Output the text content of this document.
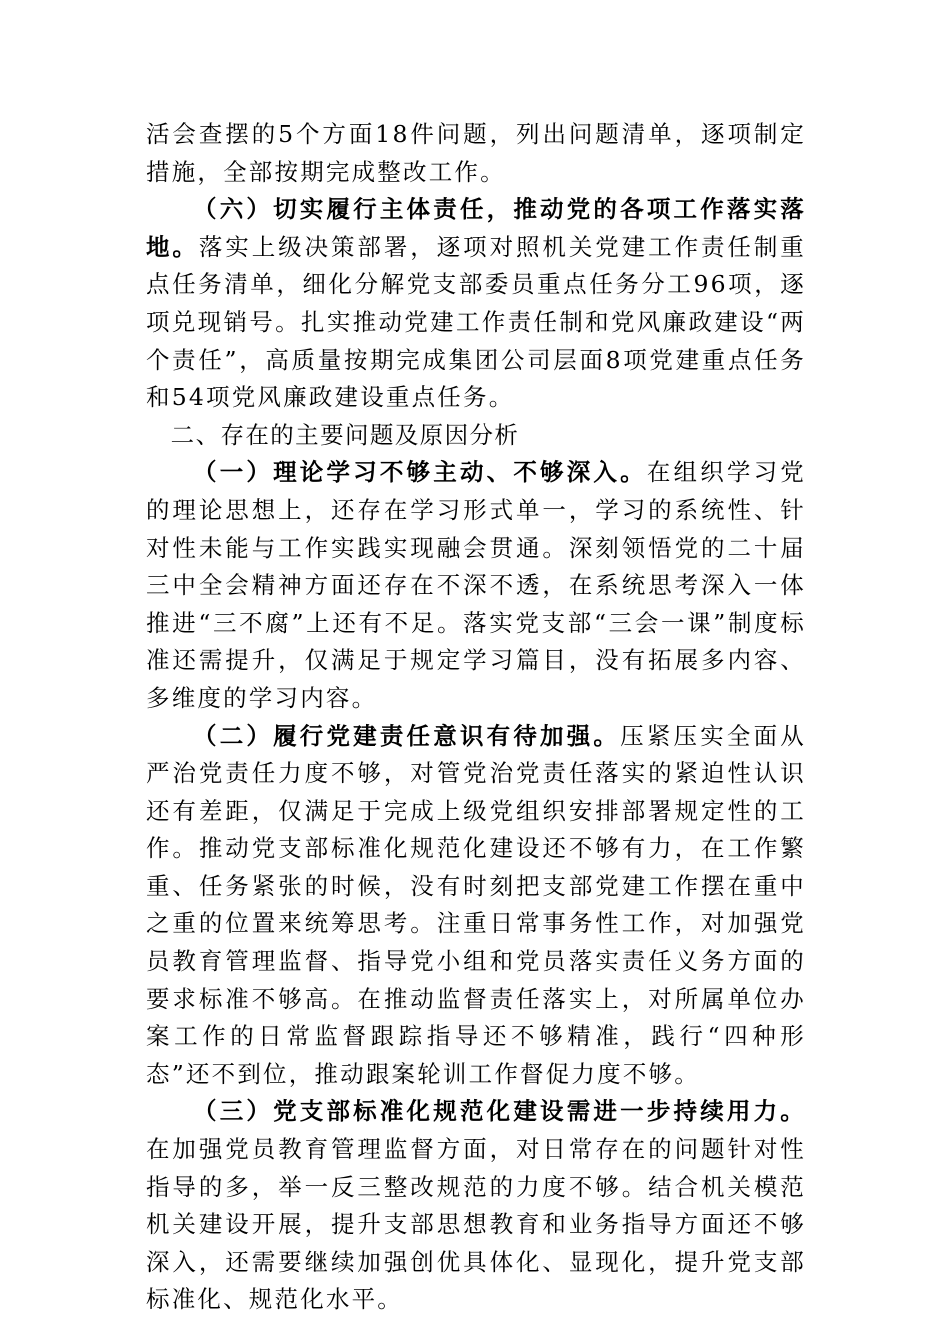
活会查摆的5个方面18件问题，列出问题清单，逐项制定措施，全部按期完成整改工作。

（六）切实履行主体责任，推动党的各项工作落实落地。落实上级决策部署，逐项对照机关党建工作责任制重点任务清单，细化分解党支部委员重点任务分工96项，逐项兑现销号。扎实推动党建工作责任制和党风廉政建设“两个责任”，高质量按期完成集团公司层面8项党建重点任务和54项党风廉政建设重点任务。

二、存在的主要问题及原因分析

（一）理论学习不够主动、不够深入。在组织学习党的理论思想上，还存在学习形式单一，学习的系统性、针对性未能与工作实践实现融会贯通。深刻领悟党的二十届三中全会精神方面还存在不深不透，在系统思考深入一体推进“三不腐”上还有不足。落实党支部“三会一课”制度标准还需提升，仅满足于规定学习篇目，没有拓展多内容、多维度的学习内容。

（二）履行党建责任意识有待加强。压紧压实全面从严治党责任力度不够，对管党治党责任落实的紧迫性认识还有差距，仅满足于完成上级党组织安排部署规定性的工作。推动党支部标准化规范化建设还不够有力，在工作繁重、任务紧张的时候，没有时刻把支部党建工作摆在重中之重的位置来统筹思考。注重日常事务性工作，对加强党员教育管理监督、指导党小组和党员落实责任义务方面的要求标准不够高。在推动监督责任落实上，对所属单位办案工作的日常监督跟踪指导还不够精准，践行“四种形态”还不到位，推动跟案轮训工作督促力度不够。

（三）党支部标准化规范化建设需进一步持续用力。在加强党员教育管理监督方面，对日常存在的问题针对性指导的多，举一反三整改规范的力度不够。结合机关模范机关建设开展，提升支部思想教育和业务指导方面还不够深入，还需要继续加强创优具体化、显现化，提升党支部标准化、规范化水平。
